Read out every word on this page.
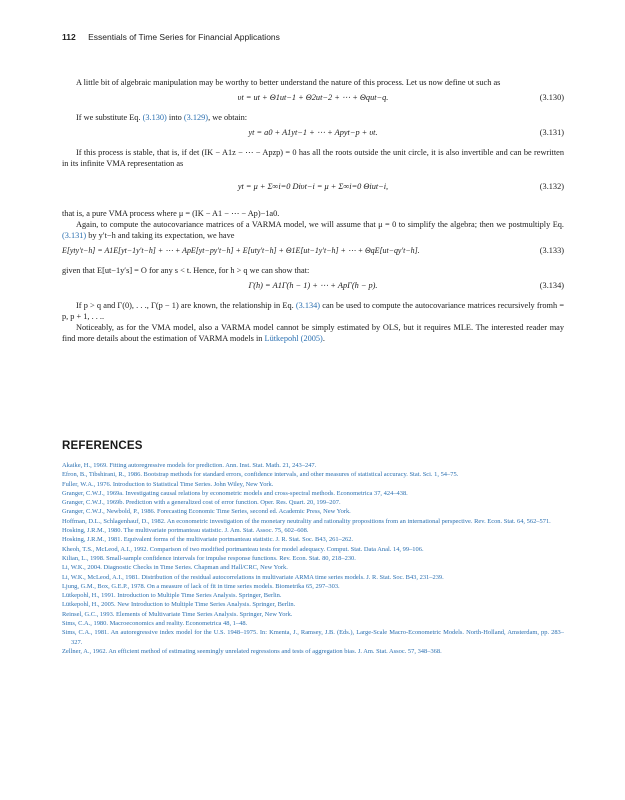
112 Essentials of Time Series for Financial Applications

A little bit of algebraic manipulation may be worthy to better understand the nature of this process. Let us now define υt such as

υt = ut + Θ1ut−1 + Θ2ut−2 + ⋯ + Θqut−q.	(3.130)

If we substitute Eq. (3.130) into (3.129), we obtain:

yt = a0 + A1yt−1 + ⋯ + Apyt−p + υt.	(3.131)

If this process is stable, that is, if det (IK − A1z − ⋯ − Apzp) = 0 has all the roots outside the unit circle, it is also invertible and can be rewritten in its infinite VMA representation as

yt = μ + Σ∞i=0 Diυt−i = μ + Σ∞i=0 Θiut−i,	(3.132)

that is, a pure VMA process where μ = (IK − A1 − ⋯ − Ap)−1a0.

Again, to compute the autocovariance matrices of a VARMA model, we will assume that μ = 0 to simplify the algebra; then we postmultiply Eq. (3.131) by y′t−h and taking its expectation, we have

E[yty′t−h] = A1E[yt−1y′t−h] + ⋯ + ApE[yt−py′t−h] + E[uty′t−h] + Θ1E[ut−1y′t−h] + ⋯ + ΘqE[ut−qy′t−h].	(3.133)

given that E[ut−1y′s] = O for any s < t. Hence, for h > q we can show that:

Γ(h) = A1Γ(h − 1) + ⋯ + ApΓ(h − p).	(3.134)

If p > q and Γ(0), . . ., Γ(p − 1) are known, the relationship in Eq. (3.134) can be used to compute the autocovariance matrices recursively fromh = p, p + 1, . . ..

Noticeably, as for the VMA model, also a VARMA model cannot be simply estimated by OLS, but it requires MLE. The interested reader may find more details about the estimation of VARMA models in Lütkepohl (2005).

REFERENCES
Akaike, H., 1969. Fitting autoregressive models for prediction. Ann. Inst. Stat. Math. 21, 243–247.
Efron, B., Tibshirani, R., 1986. Bootstrap methods for standard errors, confidence intervals, and other measures of statistical accuracy. Stat. Sci. 1, 54–75.
Fuller, W.A., 1976. Introduction to Statistical Time Series. John Wiley, New York.
Granger, C.W.J., 1969a. Investigating causal relations by econometric models and cross-spectral methods. Econometrica 37, 424–438.
Granger, C.W.J., 1969b. Prediction with a generalized cost of error function. Oper. Res. Quart. 20, 199–207.
Granger, C.W.J., Newbold, P., 1986. Forecasting Economic Time Series, second ed. Academic Press, New York.
Hoffman, D.L., Schlagenhauf, D., 1982. An econometric investigation of the monetary neutrality and rationality propositions from an international perspective. Rev. Econ. Stat. 64, 562–571.
Hosking, J.R.M., 1980. The multivariate portmanteau statistic. J. Am. Stat. Assoc. 75, 602–608.
Hosking, J.R.M., 1981. Equivalent forms of the multivariate portmanteau statistic. J. R. Stat. Soc. B43, 261–262.
Kheoh, T.S., McLeod, A.I., 1992. Comparison of two modified portmanteau tests for model adequacy. Comput. Stat. Data Anal. 14, 99–106.
Kilian, L., 1998. Small-sample confidence intervals for impulse response functions. Rev. Econ. Stat. 80, 218–230.
Li, W.K., 2004. Diagnostic Checks in Time Series. Chapman and Hall/CRC, New York.
Li, W.K., McLeod, A.I., 1981. Distribution of the residual autocorrelations in multivariate ARMA time series models. J. R. Stat. Soc. B43, 231–239.
Ljung, G.M., Box, G.E.P., 1978. On a measure of lack of fit in time series models. Biometrika 65, 297–303.
Lütkepohl, H., 1991. Introduction to Multiple Time Series Analysis. Springer, Berlin.
Lütkepohl, H., 2005. New Introduction to Multiple Time Series Analysis. Springer, Berlin.
Reinsel, G.C., 1993. Elements of Multivariate Time Series Analysis. Springer, New York.
Sims, C.A., 1980. Macroeconomics and reality. Econometrica 48, 1–48.
Sims, C.A., 1981. An autoregressive index model for the U.S. 1948–1975. In: Kmenta, J., Ramsey, J.B. (Eds.), Large-Scale Macro-Econometric Models. North-Holland, Amsterdam, pp. 283–327.
Zellner, A., 1962. An efficient method of estimating seemingly unrelated regressions and tests of aggregation bias. J. Am. Stat. Assoc. 57, 348–368.
